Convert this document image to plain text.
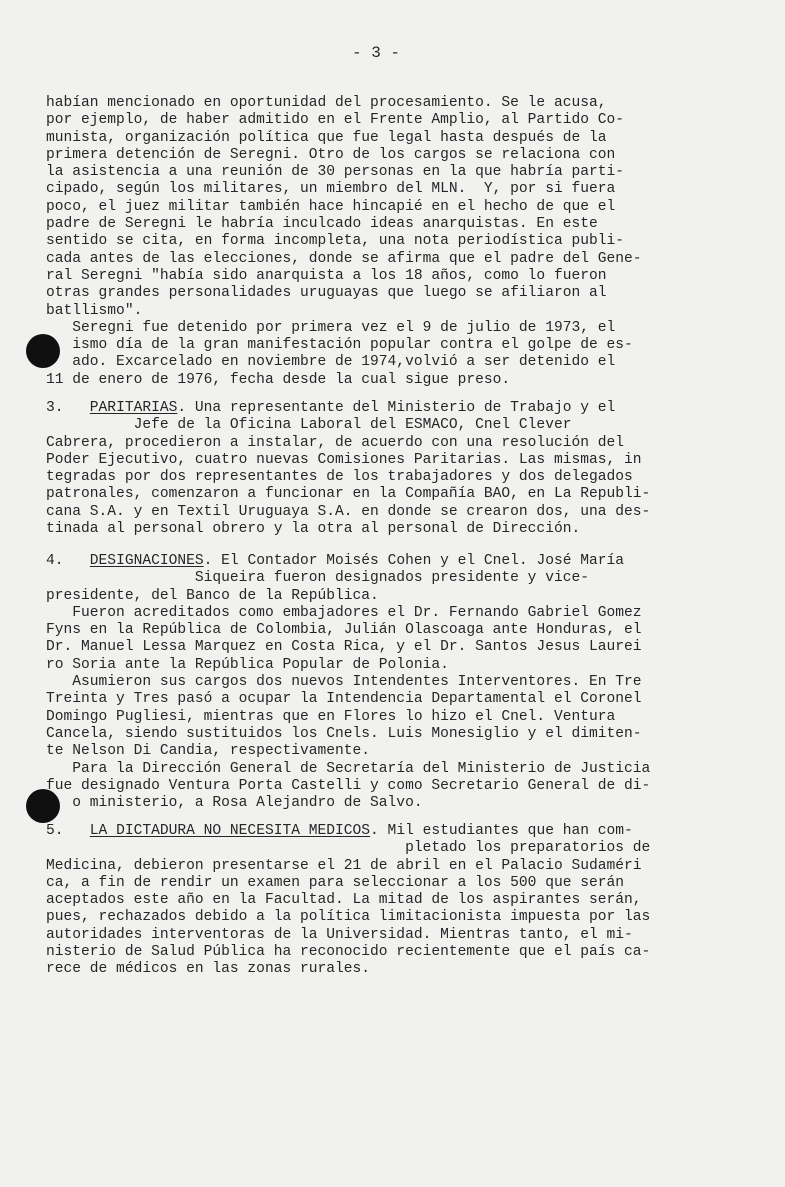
- 3 -
habían mencionado en oportunidad del procesamiento. Se le acusa,
por ejemplo, de haber admitido en el Frente Amplio, al Partido Co-
munista, organización política que fue legal hasta después de la
primera detención de Seregni. Otro de los cargos se relaciona con
la asistencia a una reunión de 30 personas en la que habría parti-
cipado, según los militares, un miembro del MLN.  Y, por si fuera
poco, el juez militar también hace hincapié en el hecho de que el
padre de Seregni le habría inculcado ideas anarquistas. En este
sentido se cita, en forma incompleta, una nota periodística publi-
cada antes de las elecciones, donde se afirma que el padre del Gene-
ral Seregni "había sido anarquista a los 18 años, como lo fueron
otras grandes personalidades uruguayas que luego se afiliaron al
batllismo".
Seregni fue detenido por primera vez el 9 de julio de 1973, el
ismo día de la gran manifestación popular contra el golpe de es-
ado. Excarcelado en noviembre de 1974,volvió a ser detenido el
11 de enero de 1976, fecha desde la cual sigue preso.
3. PARITARIAS. Una representante del Ministerio de Trabajo y el
Jefe de la Oficina Laboral del ESMACO, Cnel Clever
Cabrera, procedieron a instalar, de acuerdo con una resolución del
Poder Ejecutivo, cuatro nuevas Comisiones Paritarias. Las mismas, in
tegradas por dos representantes de los trabajadores y dos delegados
patronales, comenzaron a funcionar en la Compañía BAO, en La Republi-
cana S.A. y en Textil Uruguaya S.A. en donde se crearon dos, una des-
tinada al personal obrero y la otra al personal de Dirección.
4. DESIGNACIONES. El Contador Moisés Cohen y el Cnel. José María
Siqueira fueron designados presidente y vice-
presidente, del Banco de la República.
Fueron acreditados como embajadores el Dr. Fernando Gabriel Gomez
Fyns en la República de Colombia, Julián Olascoaga ante Honduras, el
Dr. Manuel Lessa Marquez en Costa Rica, y el Dr. Santos Jesus Laurei
ro Soria ante la República Popular de Polonia.
Asumieron sus cargos dos nuevos Intendentes Interventores. En Tre
Treinta y Tres pasó a ocupar la Intendencia Departamental el Coronel
Domingo Pugliesi, mientras que en Flores lo hizo el Cnel. Ventura
Cancela, siendo sustituidos los Cnels. Luis Monesiglio y el dimiten-
te Nelson Di Candia, respectivamente.
Para la Dirección General de Secretaría del Ministerio de Justicia
fue designado Ventura Porta Castelli y como Secretario General de di-
o ministerio, a Rosa Alejandro de Salvo.
5. LA DICTADURA NO NECESITA MEDICOS. Mil estudiantes que han com-
pletado los preparatorios de
Medicina, debieron presentarse el 21 de abril en el Palacio Sudaméri
ca, a fin de rendir un examen para seleccionar a los 500 que serán
aceptados este año en la Facultad. La mitad de los aspirantes serán,
pues, rechazados debido a la política limitacionista impuesta por las
autoridades interventoras de la Universidad. Mientras tanto, el mi-
nisterio de Salud Pública ha reconocido recientemente que el país ca-
rece de médicos en las zonas rurales.
